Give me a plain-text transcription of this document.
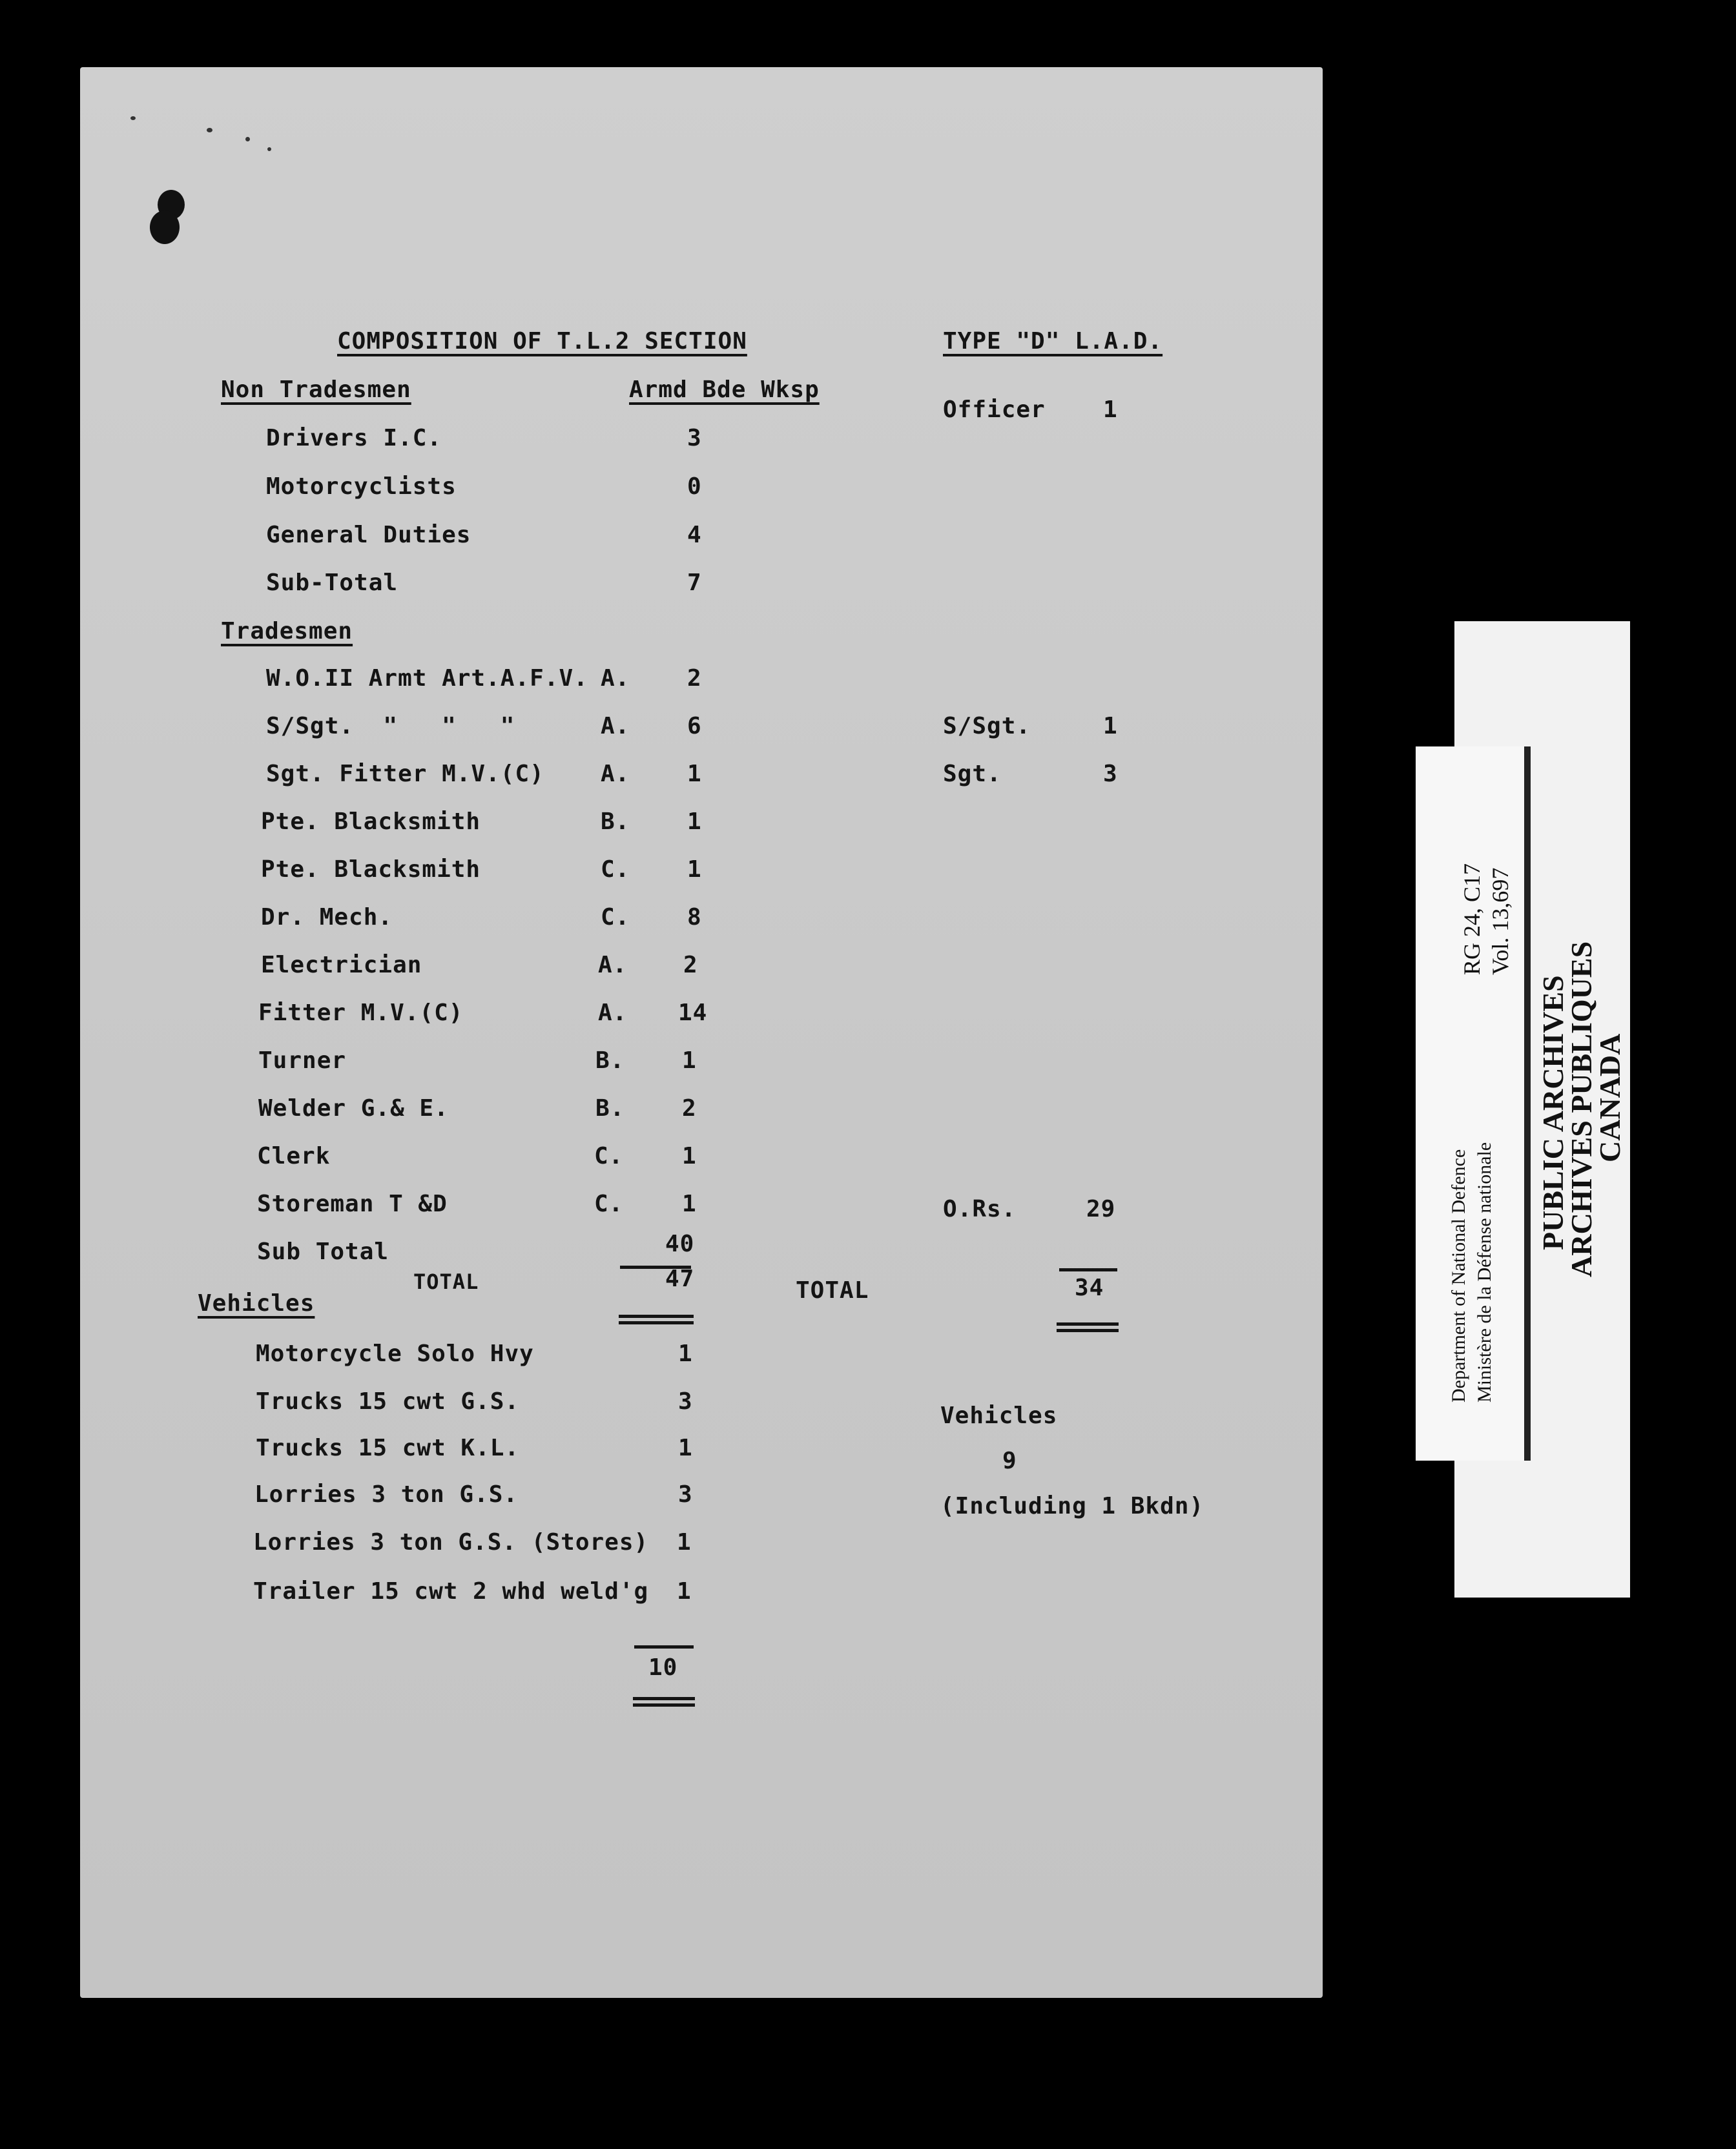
COMPOSITION OF T.L.2 SECTION
Armd Bde Wksp
Non Tradesmen
Drivers I.C.	3
Motorcyclists	0
General Duties	4
Sub-Total	7
Tradesmen
W.O.II Armt Art.A.F.V. A. 2
S/Sgt.  "   "   "	A. 6
Sgt. Fitter M.V.(C) A. 1
Pte. Blacksmith	B. 1
Pte. Blacksmith	C. 1
Dr. Mech.	C. 8
Electrician	A. 2
Fitter M.V.(C)	A. 14
Turner	B. 1
Welder G.& E.	B. 2
Clerk	C.	1
Storeman T &D	C.	1
Sub Total	40
TOTAL	47
Vehicles
Motorcycle Solo Hvy	1
Trucks 15 cwt G.S.	3
Trucks 15 cwt K.L.	1
Lorries 3 ton G.S.	3
Lorries 3 ton G.S. (Stores) 1
Trailer 15 cwt 2 whd weld'g 1
10
TYPE "D" L.A.D.
Officer 1
S/Sgt.	1
Sgt.	3
O.Rs.	29
TOTAL	34
Vehicles
9
(Including 1 Bkdn)
RG 24, C17 Vol. 13,697
Department of National Defence Ministère de la Défense nationale
PUBLIC ARCHIVES
ARCHIVES PUBLIQUES
CANADA
